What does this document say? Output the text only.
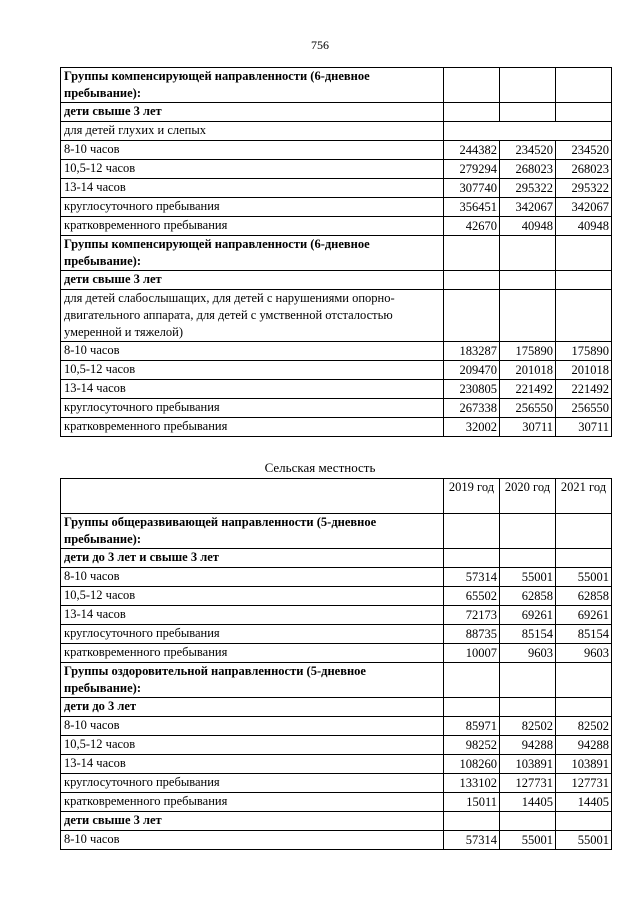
756
Группы компенсирующей направленности (6-дневное пребывание):			
дети свыше 3 лет			
для детей глухих и слепых			
8-10 часов	244382	234520	234520
10,5-12 часов	279294	268023	268023
13-14 часов	307740	295322	295322
круглосуточного пребывания	356451	342067	342067
кратковременного пребывания	42670	40948	40948
Группы компенсирующей направленности (6-дневное пребывание):			
дети свыше 3 лет			
для детей слабослышащих, для детей с нарушениями опорно-двигательного аппарата, для детей с умственной отсталостью умеренной и тяжелой)			
8-10 часов	183287	175890	175890
10,5-12 часов	209470	201018	201018
13-14 часов	230805	221492	221492
круглосуточного пребывания	267338	256550	256550
кратковременного пребывания	32002	30711	30711
Сельская местность
	2019 год	2020 год	2021 год
Группы общеразвивающей направленности (5-дневное пребывание):			
дети до 3 лет и свыше 3 лет			
8-10 часов	57314	55001	55001
10,5-12 часов	65502	62858	62858
13-14 часов	72173	69261	69261
круглосуточного пребывания	88735	85154	85154
кратковременного пребывания	10007	9603	9603
Группы оздоровительной направленности (5-дневное пребывание):			
дети до 3 лет			
8-10 часов	85971	82502	82502
10,5-12 часов	98252	94288	94288
13-14 часов	108260	103891	103891
круглосуточного пребывания	133102	127731	127731
кратковременного пребывания	15011	14405	14405
дети свыше 3 лет			
8-10 часов	57314	55001	55001
